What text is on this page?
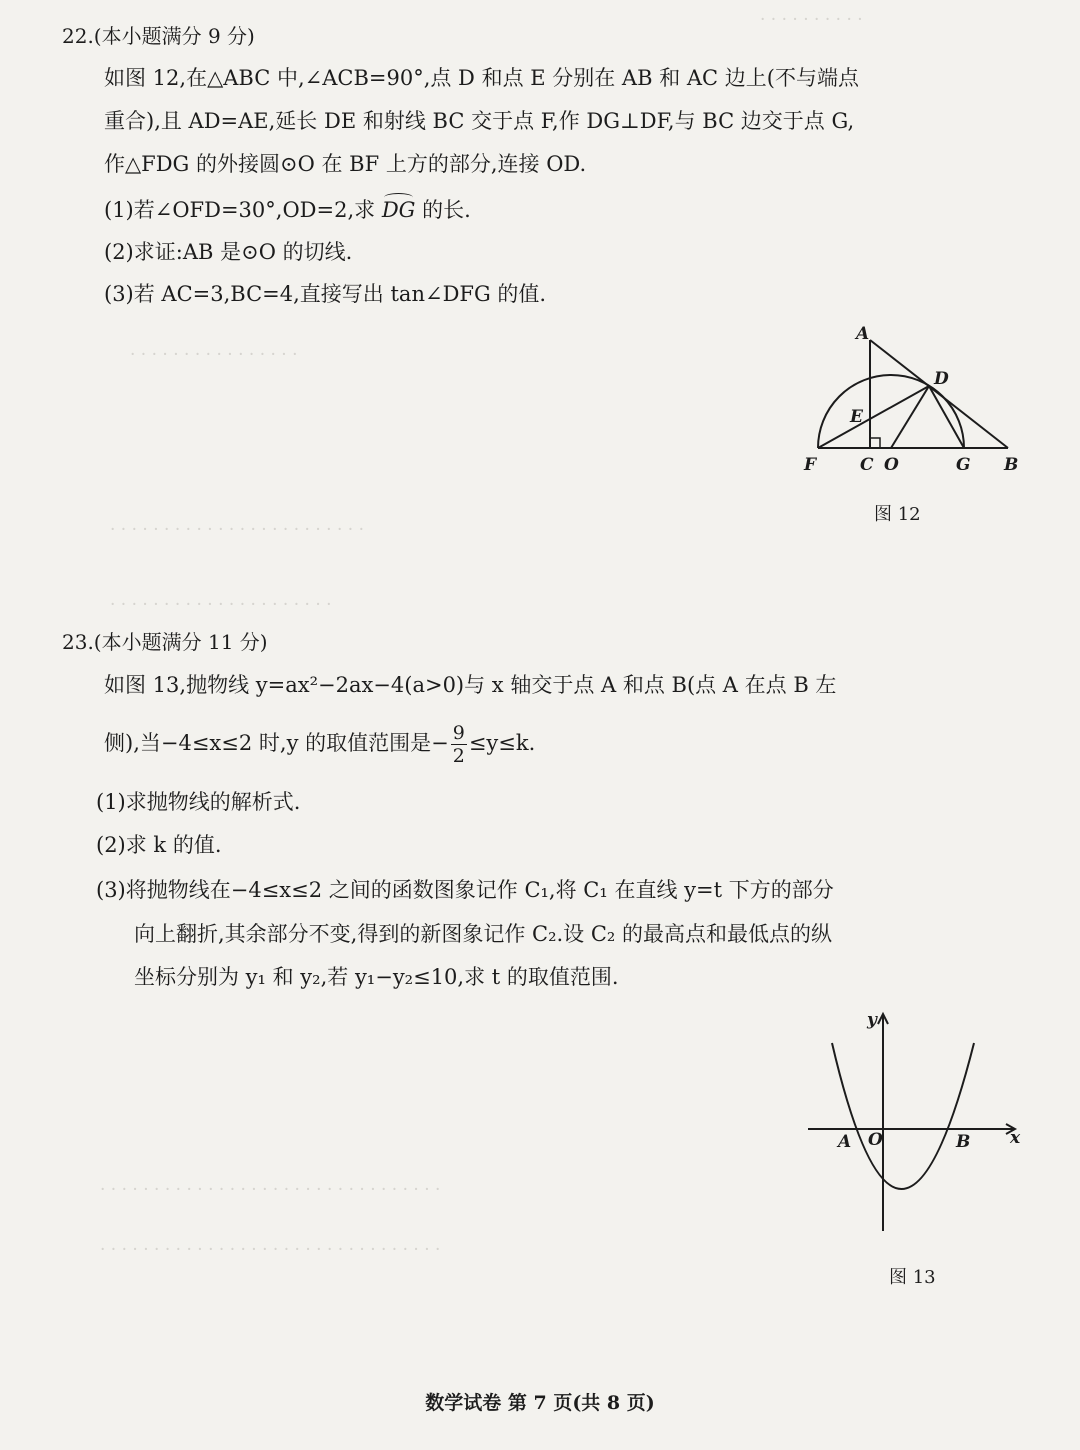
· · · · · · · · · ·
· · · · · · · · · · · · · · · ·
· · · · · · · · · · · · · · · · · · · · · · · ·
· · · · · · · · · · · · · · · · · · · · ·
· · · · · · · · · · · · · · · · · · · · · · · · · · · · · · · ·
· · · · · · · · · · · · · · · · · · · · · · · · · · · · · · · ·
22.(本小题满分 9 分)
如图 12,在△ABC 中,∠ACB=90°,点 D 和点 E 分别在 AB 和 AC 边上(不与端点
重合),且 AD=AE,延长 DE 和射线 BC 交于点 F,作 DG⊥DF,与 BC 边交于点 G,
作△FDG 的外接圆⊙O 在 BF 上方的部分,连接 OD.
(1)若∠OFD=30°,OD=2,求 DG 的长.
(2)求证:AB 是⊙O 的切线.
(3)若 AC=3,BC=4,直接写出 tan∠DFG 的值.
A
D
E
F	C O	G B
图 12
23.(本小题满分 11 分)
如图 13,抛物线 y=ax²−2ax−4(a>0)与 x 轴交于点 A 和点 B(点 A 在点 B 左
侧),当−4≤x≤2 时,y 的取值范围是− $\frac{9}{2} \le y\le k$.
(1)求抛物线的解析式.
(2)求 k 的值.
(3)将抛物线在−4≤x≤2 之间的函数图象记作 C₁,将 C₁ 在直线 y=t 下方的部分
向上翻折,其余部分不变,得到的新图象记作 C₂.设 C₂ 的最高点和最低点的纵
坐标分别为 y₁ 和 y₂,若 y₁−y₂≤10,求 t 的取值范围.
y
x
A O	B
图 13
数学试卷 第 7 页(共 8 页)
